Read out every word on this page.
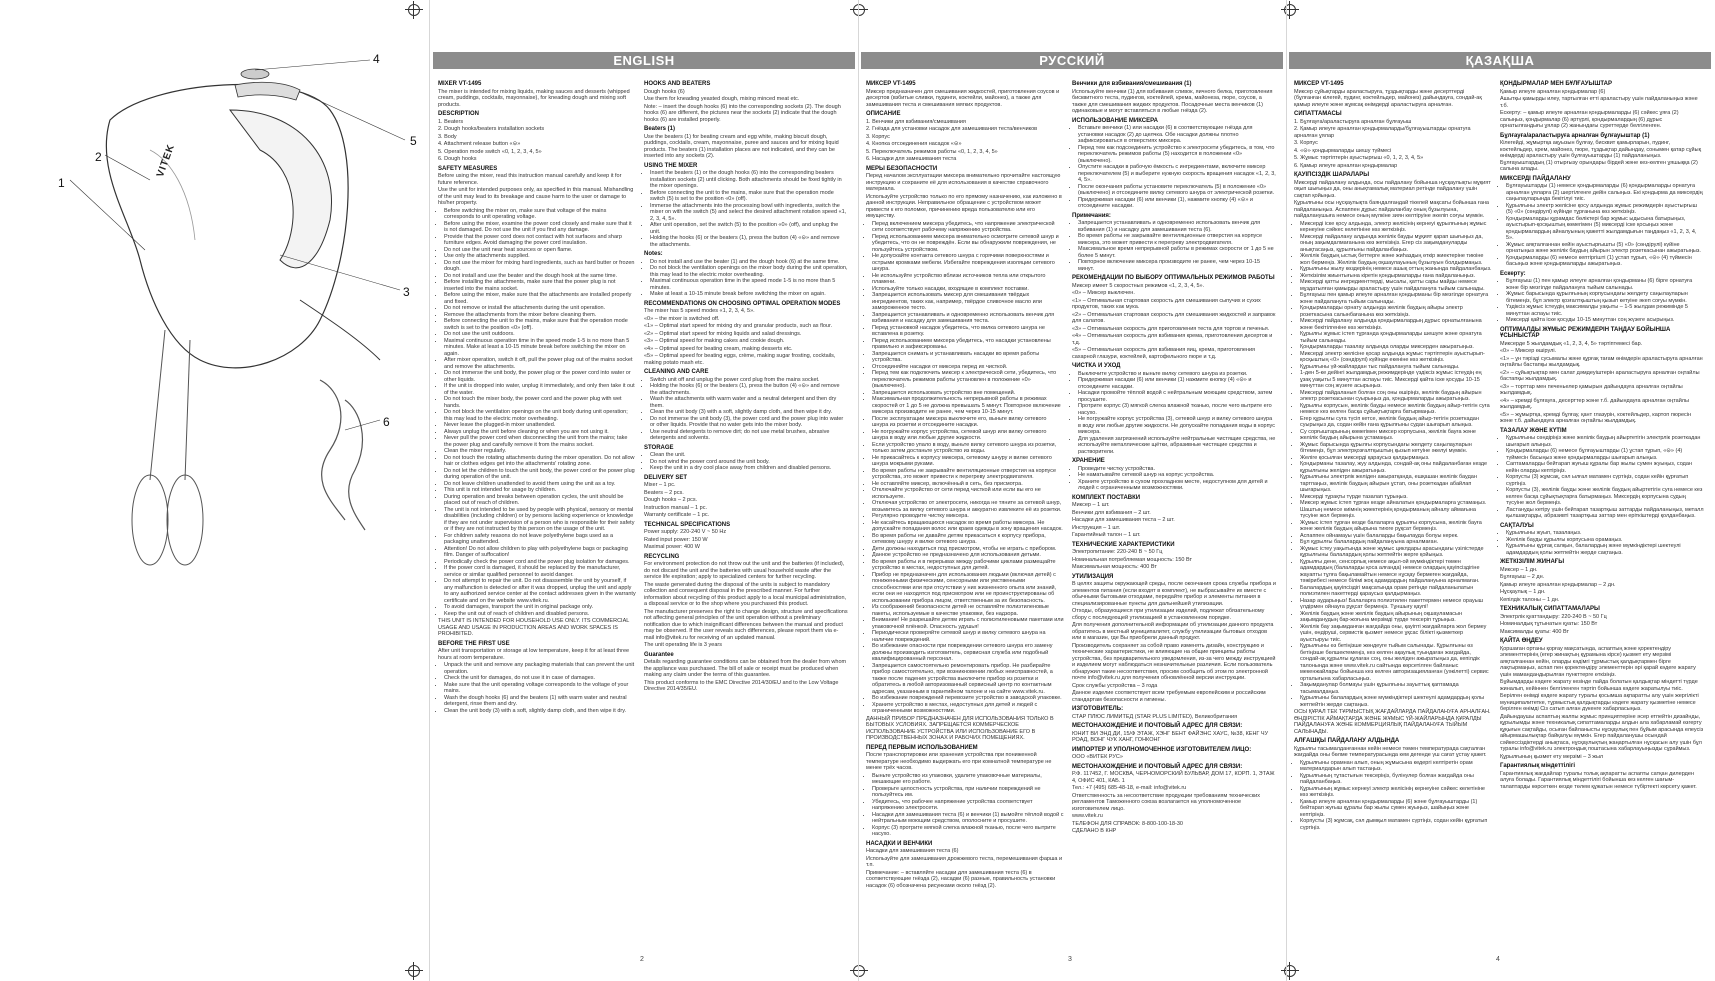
1
2
3
4
5
6
VITEK
ENGLISH
MIXER VT-1495

The mixer is intended for mixing liquids, making sauces and desserts (whipped cream, puddings, cocktails, mayonnaise), for kneading dough and mixing soft products.

DESCRIPTION

1. Beaters

2. Dough hooks/beaters installation sockets

3. Body

4. Attachment release button «⊝»

5. Operation mode switch «0, 1, 2, 3, 4, 5»

6. Dough hooks

SAFETY MEASURES

Before using the mixer, read this instruction manual carefully and keep it for future reference.

Use the unit for intended purposes only, as specified in this manual. Mishandling of the unit may lead to its breakage and cause harm to the user or damage to his/her property.

• Before switching the mixer on, make sure that voltage of the mains corresponds to unit operating voltage.
• Before using the mixer, examine the power cord closely and make sure that it is not damaged. Do not use the unit if you find any damage.
• Provide that the power cord does not contact with hot surfaces and sharp furniture edges. Avoid damaging the power cord insulation.
• Do not use the unit near heat sources or open flame.
• Use only the attachments supplied.
• Do not use the mixer for mixing hard ingredients, such as hard butter or frozen dough.
• Do not install and use the beater and the dough hook at the same time.
• Before installing the attachments, make sure that the power plug is not inserted into the mains socket.
• Before using the mixer, make sure that the attachments are installed properly and fixed.
• Do not remove or install the attachments during the unit operation.
• Remove the attachments from the mixer before cleaning them.
• Before connecting the unit to the mains, make sure that the operation mode switch is set to the position «0» (off).
• Do not use the unit outdoors.
• Maximal continuous operation time in the speed mode 1-5 is no more than 5 minutes. Make at least a 10-15 minute break before switching the mixer on again.
• After mixer operation, switch it off, pull the power plug out of the mains socket and remove the attachments.
• Do not immerse the unit body, the power plug or the power cord into water or other liquids.
• If the unit is dropped into water, unplug it immediately, and only then take it out of the water.
• Do not touch the mixer body, the power cord and the power plug with wet hands.
• Do not block the ventilation openings on the unit body during unit operation; this may lead to the electric motor overheating.
• Never leave the plugged-in mixer unattended.
• Always unplug the unit before cleaning or when you are not using it.
• Never pull the power cord when disconnecting the unit from the mains; take the power plug and carefully remove it from the mains socket.
• Clean the mixer regularly.
• Do not touch the rotating attachments during the mixer operation. Do not allow hair or clothes edges get into the attachments' rotating zone.
• Do not let the children to touch the unit body, the power cord or the power plug during operation of the unit.
• Do not leave children unattended to avoid them using the unit as a toy.
• This unit is not intended for usage by children.
• During operation and breaks between operation cycles, the unit should be placed out of reach of children.
• The unit is not intended to be used by people with physical, sensory or mental disabilities (including children) or by persons lacking experience or knowledge if they are not under supervision of a person who is responsible for their safety or if they are not instructed by this person on the usage of the unit.
• For children safety reasons do not leave polyethylene bags used as a packaging unattended.
• Attention! Do not allow children to play with polyethylene bags or packaging film. Danger of suffocation!
• Periodically check the power cord and the power plug isolation for damages.
• If the power cord is damaged, it should be replaced by the manufacturer, service or similar qualified personnel to avoid danger.
• Do not attempt to repair the unit. Do not disassemble the unit by yourself, if any malfunction is detected or after it was dropped, unplug the unit and apply to any authorized service center at the contact addresses given in the warranty certificate and on the website www.vitek.ru.
• To avoid damages, transport the unit in original package only.
• Keep the unit out of reach of children and disabled persons.

THIS UNIT IS INTENDED FOR HOUSEHOLD USE ONLY. ITS COMMERCIAL USAGE AND USAGE IN PRODUCTION AREAS AND WORK SPACES IS PROHIBITED.

BEFORE THE FIRST USE

After unit transportation or storage at low temperature, keep it for at least three hours at room temperature.

• Unpack the unit and remove any packaging materials that can prevent the unit operation.
• Check the unit for damages, do not use it in case of damages.
• Make sure that the unit operating voltage corresponds to the voltage of your mains.
• Wash the dough hooks (6) and the beaters (1) with warm water and neutral detergent, rinse them and dry.
• Clean the unit body (3) with a soft, slightly damp cloth, and then wipe it dry.
HOOKS AND BEATERS

Dough hooks (6)

Use them for kneading yeasted dough, mixing minced meat etc.

Note: – insert the dough hooks (6) into the corresponding sockets (2). The dough hooks (6) are different, the pictures near the sockets (2) indicate that the dough hooks (6) are installed properly.

Beaters (1)

Use the beaters (1) for beating cream and egg white, making biscuit dough, puddings, cocktails, cream, mayonnaise, puree and sauces and for mixing liquid products. The beaters (1) installation places are not indicated, and they can be inserted into any sockets (2).

USING THE MIXER
• Insert the beaters (1) or the dough hooks (6) into the corresponding beaters installation sockets (2) until clicking. Both attachments should be fixed tightly in the mixer openings.
• Before connecting the unit to the mains, make sure that the operation mode switch (5) is set to the position «0» (off).
• Immerse the attachments into the processing bowl with ingredients, switch the mixer on with the switch (5) and select the desired attachment rotation speed «1, 2, 3, 4, 5».
• After unit operation, set the switch (5) to the position «0» (off), and unplug the unit.
• Holding the hooks (6) or the beaters (1), press the button (4) «⊝» and remove the attachments.
Notes:
• Do not install and use the beater (1) and the dough hook (6) at the same time.
• Do not block the ventilation openings on the mixer body during the unit operation, this may lead to the electric motor overheating.
• Maximal continuous operation time in the speed mode 1-5 is no more than 5 minutes.
• Make at least a 10-15 minute break before switching the mixer on again.
RECOMMENDATIONS ON CHOOSING OPTIMAL OPERATION MODES

The mixer has 5 speed modes «1, 2, 3, 4, 5».

«0» – the mixer is switched off.

«1» – Optimal start speed for mixing dry and granular products, such as flour.

«2» – Optimal start speed for mixing liquids and salad dressings.

«3» – Optimal speed for making cakes and cookie dough.

«4» – Optimal speed for beating cream, making desserts etc.

«5» – Optimal speed for beating eggs, crème, making sugar frosting, cocktails, making potato mash etc.

CLEANING AND CARE
• Switch unit off and unplug the power cord plug from the mains socket.
• Holding the hooks (6) or the beaters (1), press the button (4) «⊝» and remove the attachments.
• Wash the attachments with warm water and a neutral detergent and then dry them.
• Clean the unit body (3) with a soft, slightly damp cloth, and then wipe it dry.
• Do not immerse the unit body (3), the power cord and the power plug into water or other liquids. Provide that no water gets into the mixer body.
• Use neutral detergents to remove dirt; do not use metal brushes, abrasive detergents and solvents.
STORAGE
• Clean the unit.
• Do not wind the power cord around the unit body.
• Keep the unit in a dry cool place away from children and disabled persons.
DELIVERY SET

Mixer – 1 pc.

Beaters – 2 pcs.

Dough hooks – 2 pcs.

Instruction manual – 1 pc.

Warranty certificate – 1 pc.

TECHNICAL SPECIFICATIONS

Power supply: 220-240 V ~ 50 Hz

Rated input power: 150 W

Maximal power: 400 W

RECYCLING

For environment protection do not throw out the unit and the batteries (if included), do not discard the unit and the batteries with usual household waste after the service life expiration; apply to specialized centers for further recycling.

The waste generated during the disposal of the units is subject to mandatory collection and consequent disposal in the prescribed manner. For further information about recycling of this product apply to a local municipal administration, a disposal service or to the shop where you purchased this product.

The manufacturer preserves the right to change design, structure and specifications not affecting general principles of the unit operation without a preliminary notification due to which insignificant differences between the manual and product may be observed. If the user reveals such differences, please report them via e-mail info@vitek.ru for receiving of an updated manual.

The unit operating life is 3 years

Guarantee

Details regarding guarantee conditions can be obtained from the dealer from whom the appliance was purchased. The bill of sale or receipt must be produced when making any claim under the terms of this guarantee.

This product conforms to the EMC Directive 2014/30/EU and to the Low Voltage Directive 2014/35/EU.

2
РУССКИЙ
МИКСЕР VT-1495

Миксер предназначен для смешивания жидкостей, приготовления соусов и десертов (взбитые сливки, пудинги, коктейли, майонез), а также для замешивания теста и смешивания мягких продуктов.

ОПИСАНИЕ

1. Венчики для взбивания/смешивания

2. Гнёзда для установки насадок для замешивания теста/венчиков

3. Корпус

4. Кнопка отсоединения насадок «⊝»

5. Переключатель режимов работы «0, 1, 2, 3, 4, 5»

6. Насадки для замешивания теста

МЕРЫ БЕЗОПАСНОСТИ

Перед началом эксплуатации миксера внимательно прочитайте настоящую инструкцию и сохраните её для использования в качестве справочного материала.

Используйте устройство только по его прямому назначению, как изложено в данной инструкции. Неправильное обращение с устройством может привести к его поломке, причинению вреда пользователю или его имуществу.

• Перед включением миксера убедитесь, что напряжение электрической сети соответствует рабочему напряжению устройства.
• Перед использованием миксера внимательно осмотрите сетевой шнур и убедитесь, что он не повреждён. Если вы обнаружили повреждения, не пользуйтесь устройством.
• Не допускайте контакта сетевого шнура с горячими поверхностями и острыми кромками мебели. Избегайте повреждения изоляции сетевого шнура.
• Не используйте устройство вблизи источников тепла или открытого пламени.
• Используйте только насадки, входящие в комплект поставки.
• Запрещается использовать миксер для смешивания твёрдых ингредиентов, таких как, например, твёрдое сливочное масло или замороженное тесто.
• Запрещается устанавливать и одновременно использовать венчик для взбивания и насадку для замешивания теста.
• Перед установкой насадок убедитесь, что вилка сетевого шнура не вставлена в розетку.
• Перед использованием миксера убедитесь, что насадки установлены правильно и зафиксированы.
• Запрещается снимать и устанавливать насадки во время работы устройства.
• Отсоединяйте насадки от миксера перед их чисткой.
• Перед тем как подключить миксер к электрической сети, убедитесь, что переключатель режимов работы установлен в положение «0» (выключено).
• Запрещается использовать устройство вне помещений.
• Максимальная продолжительность непрерывной работы в режимах скоростей от 1 до 5 не должна превышать 5 минут. Повторное включение миксера производите не ранее, чем через 10-15 минут.
• После эксплуатации миксера выключите его, выньте вилку сетевого шнура из розетки и отсоедините насадки.
• Не погружайте корпус устройства, сетевой шнур или вилку сетевого шнура в воду или любые другие жидкости.
• Если устройство упало в воду, выньте вилку сетевого шнура из розетки, только затем достаньте устройство из воды.
• Не прикасайтесь к корпусу миксера, сетевому шнуру и вилке сетевого шнура мокрыми руками.
• Во время работы не закрывайте вентиляционные отверстия на корпусе устройства, это может привести к перегреву электродвигателя.
• Не оставляйте миксер, включённый в сеть, без присмотра.
• Отключайте устройство от сети перед чисткой или если вы его не используете.
• Отключая устройство от электросети, никогда не тяните за сетевой шнур, возьмитесь за вилку сетевого шнура и аккуратно извлеките её из розетки.
• Регулярно проводите чистку миксера.
• Не касайтесь вращающихся насадок во время работы миксера. Не допускайте попадания волос или краев одежды в зону вращения насадок.
• Во время работы не давайте детям прикасаться к корпусу прибора, сетевому шнуру и вилке сетевого шнура.
• Дети должны находиться под присмотром, чтобы не играть с прибором.
• Данное устройство не предназначено для использования детьми.
• Во время работы и в перерывах между рабочими циклами размещайте устройство в местах, недоступных для детей.
• Прибор не предназначен для использования людьми (включая детей) с пониженными физическими, сенсорными или умственными способностями или при отсутствии у них жизненного опыта или знаний, если они не находятся под присмотром или не проинструктированы об использовании прибора лицом, ответственным за их безопасность.
• Из соображений безопасности детей не оставляйте полиэтиленовые пакеты, используемые в качестве упаковки, без надзора.
• Внимание! Не разрешайте детям играть с полиэтиленовыми пакетами или упаковочной плёнкой. Опасность удушья!
• Периодически проверяйте сетевой шнур и вилку сетевого шнура на наличие повреждений.
• Во избежание опасности при повреждении сетевого шнура его замену должны производить изготовитель, сервисная служба или подобный квалифицированный персонал.
• Запрещается самостоятельно ремонтировать прибор. Не разбирайте прибор самостоятельно, при возникновении любых неисправностей, а также после падения устройства выключите прибор из розетки и обратитесь в любой авторизованный сервисный центр по контактным адресам, указанным в гарантийном талоне и на сайте www.vitek.ru.
• Во избежание повреждений перевозите устройство в заводской упаковке.
• Храните устройство в местах, недоступных для детей и людей с ограниченными возможностями.

ДАННЫЙ ПРИБОР ПРЕДНАЗНАЧЕН ДЛЯ ИСПОЛЬЗОВАНИЯ ТОЛЬКО В БЫТОВЫХ УСЛОВИЯХ. ЗАПРЕЩАЕТСЯ КОММЕРЧЕСКОЕ ИСПОЛЬЗОВАНИЕ УСТРОЙСТВА ИЛИ ИСПОЛЬЗОВАНИЕ ЕГО В ПРОИЗВОДСТВЕННЫХ ЗОНАХ И РАБОЧИХ ПОМЕЩЕНИЯХ.

ПЕРЕД ПЕРВЫМ ИСПОЛЬЗОВАНИЕМ

После транспортировки или хранения устройства при пониженной температуре необходимо выдержать его при комнатной температуре не менее трёх часов.

• Выньте устройство из упаковки, удалите упаковочные материалы, мешающие его работе.
• Проверьте целостность устройства, при наличии повреждений не пользуйтесь им.
• Убедитесь, что рабочее напряжение устройства соответствует напряжению электросети.
• Насадки для замешивания теста (6) и венчики (1) вымойте тёплой водой с нейтральным моющим средством, ополосните и просушите.
• Корпус (3) протрите мягкой слегка влажной тканью, после чего вытрите насухо.
НАСАДКИ И ВЕНЧИКИ

Насадки для замешивания теста (6)

Используйте для замешивания дрожжевого теста, перемешивания фарша и т.п.

Примечание: – вставляйте насадки для замешивания теста (6) в соответствующие гнёзда (2), насадки (6) разные, правильность установки насадок (6) обозначена рисунками около гнёзд (2).

Венчики для взбивания/смешивания (1)

Используйте венчики (1) для взбивания сливок, яичного белка, приготовления бисквитного теста, пудингов, коктейлей, крема, майонеза, пюре, соусов, а также для смешивания жидких продуктов. Посадочные места венчиков (1) одинаковые и могут вставляться в любые гнёзда (2).

ИСПОЛЬЗОВАНИЕ МИКСЕРА
• Вставьте венчики (1) или насадки (6) в соответствующие гнёзда для установки насадок (2) до щелчка. Обе насадки должны плотно зафиксироваться в отверстиях миксера.
• Перед тем как подсоединить устройство к электросети убедитесь, в том, что переключатель режимов работы (5) находится в положении «0» (выключено).
• Опустите насадки в рабочую ёмкость с ингредиентами, включите миксер переключателем (5) и выберите нужную скорость вращения насадок «1, 2, 3, 4, 5».
• После окончания работы установите переключатель (5) в положение «0» (выключено) и отсоедините вилку сетевого шнура от электрической розетки.
• Придерживая насадки (6) или венчики (1), нажмите кнопку (4) «⊝» и отсоедините насадки.
Примечания:
• Запрещается устанавливать и одновременно использовать венчик для взбивания (1) и насадку для замешивания теста (6).
• Во время работы не закрывайте вентиляционные отверстия на корпусе миксера, это может привести к перегреву электродвигателя.
• Максимальное время непрерывной работы в режимах скорости от 1 до 5 не более 5 минут.
• Повторное включение миксера производите не ранее, чем через 10-15 минут.
РЕКОМЕНДАЦИИ ПО ВЫБОРУ ОПТИМАЛЬНЫХ РЕЖИМОВ РАБОТЫ

Миксер имеет 5 скоростных режимов «1, 2, 3, 4, 5».

«0» – Миксер выключен.

«1» – Оптимальная стартовая скорость для смешивания сыпучих и сухих продуктов, таких как мука.

«2» – Оптимальная стартовая скорость для смешивания жидкостей и заправок для салатов.

«3» – Оптимальная скорость для приготовления теста для тортов и печенья.

«4» – Оптимальная скорость для взбивания крема, приготовления десертов и т.д.

«5» – Оптимальная скорость для взбивания яиц, крема, приготовления сахарной глазури, коктейлей, картофельного пюре и т.д.

ЧИСТКА И УХОД
• Выключите устройство и выньте вилку сетевого шнура из розетки.
• Придерживая насадки (6) или венчики (1) нажмите кнопку (4) «⊝» и отсоедините насадки.
• Насадки промойте тёплой водой с нейтральным моющим средством, затем просушите.
• Протрите корпус (3) мягкой слегка влажной тканью, после чего вытрите его насухо.
• Не погружайте корпус устройства (3), сетевой шнур и вилку сетевого шнура в воду или любые другие жидкости. Не допускайте попадания воды в корпус миксера.
• Для удаления загрязнений используйте нейтральные чистящие средства, не используйте металлические щётки, абразивные чистящие средства и растворители.
ХРАНЕНИЕ
• Проведите чистку устройства.
• Не наматывайте сетевой шнур на корпус устройства.
• Храните устройство в сухом прохладном месте, недоступном для детей и людей с ограниченными возможностями.
КОМПЛЕКТ ПОСТАВКИ

Миксер – 1 шт.

Венчики для взбивания – 2 шт.

Насадки для замешивания теста – 2 шт.

Инструкция – 1 шт.

Гарантийный талон – 1 шт.

ТЕХНИЧЕСКИЕ ХАРАКТЕРИСТИКИ

Электропитание: 220-240 В ~ 50 Гц

Номинальная потребляемая мощность: 150 Вт

Максимальная мощность: 400 Вт

УТИЛИЗАЦИЯ

В целях защиты окружающей среды, после окончания срока службы прибора и элементов питания (если входят в комплект), не выбрасывайте их вместе с обычными бытовыми отходами, передайте прибор и элементы питания в специализированные пункты для дальнейшей утилизации.

Отходы, образующиеся при утилизации изделий, подлежат обязательному сбору с последующей утилизацией в установленном порядке.

Для получения дополнительной информации об утилизации данного продукта обратитесь в местный муниципалитет, службу утилизации бытовых отходов или в магазин, где Вы приобрели данный продукт.

Производитель сохраняет за собой право изменять дизайн, конструкцию и технические характеристики, не влияющие на общие принципы работы устройства, без предварительного уведомления, из-за чего между инструкцией и изделием могут наблюдаться незначительные различия. Если пользователь обнаружил такие несоответствия, просим сообщить об этом по электронной почте info@vitek.ru для получения обновлённой версии инструкции.

Срок службы устройства – 3 года

Данное изделие соответствует всем требуемым европейским и российским стандартам безопасности и гигиены.

ИЗГОТОВИТЕЛЬ:

СТАР ПЛЮС ЛИМИТЕД (STAR PLUS LIMITED), Великобритания

МЕСТОНАХОЖДЕНИЕ И ПОЧТОВЫЙ АДРЕС ДЛЯ СВЯЗИ:

ЮНИТ ВИ ЭНД ДИ, 15/Ф ЭТАЖ, ХЭНГ БЕНТ ФАЙЭНС ХАУС, №38, КЕНГ ЧУ РОАД, ВОНГ ЧУК ХАНГ, ГОНКОНГ

ИМПОРТЕР И УПОЛНОМОЧЕННОЕ ИЗГОТОВИТЕЛЕМ ЛИЦО:

ООО «ВИТЕК РУС»

МЕСТОНАХОЖДЕНИЕ И ПОЧТОВЫЙ АДРЕС ДЛЯ СВЯЗИ:

Р.Ф. 117452, Г. МОСКВА, ЧЕРНОМОРСКИЙ БУЛЬВАР, ДОМ 17, КОРП. 1, ЭТАЖ 4, ОФИС 401, КАБ. 1

Тел.: +7 (495) 685-48-18, e-mail: info@vitek.ru

Ответственность за несоответствие продукции требованиям технических регламентов Таможенного союза возлагается на уполномоченное изготовителем лицо.

www.vitek.ru

ТЕЛЕФОН ДЛЯ СПРАВОК: 8-800-100-18-30

СДЕЛАНО В КНР

3
ҚАЗАҚША
МИКСЕР VT-1495

Миксер сұйықтарды араластыруға, тұздықтарды және десерттерді (бұлғанған кілегей, пудинг, коктейльдер, майонез) дайындауға, сондай-ақ қамыр илеуге және жұмсақ өнімдерді араластыруға арналған.

СИПАТТАМАСЫ

1. Бұлғауға/араластыруға арналған бұлғауыш

2. Қамыр илеуге арналған қондырмаларды/бұлғауыштарды орнатуға арналған ұялар

3. Корпус

4. «⊝» қондырмаларды шешу түймесі

5. Жұмыс тәртіптерін ауыстырғыш «0, 1, 2, 3, 4, 5»

6. Қамыр илеуге арналған қондырмалар

ҚАУІПСІЗДІК ШАРАЛАРЫ

Миксерді пайдалану алдында, осы пайдалану бойынша нұсқаулықты мұқият оқып шығыңыз да, оны анықтамалық материал ретінде пайдалану үшін сақтап қойыңыз.

Құрылғыны осы нұсқаулықта баяндалғандай тікелей мақсаты бойынша ғана пайдаланыңыз. Аспаппен дұрыс пайдаланбау оның бұзылуына, пайдаланушыға немесе оның мүлкіне зиян келтіруіне әкеліп соғуы мүмкін.

• Миксерді іске қосу алдында, электр желісінің кернеуі құрылғының жұмыс кернеуіне сәйкес келетініне көз жеткізіңіз.
• Миксерді пайдалану алдында желілік бауды мұқият қарап шығыңыз да, оның зақымдалмағанына көз жеткізіңіз. Егер сіз зақымдануларды анықтасаңыз, құрылғыны пайдаланбаңыз.
• Желілік баудың ыстық беттерге және жиһаздың өткір жиектеріне тиюіне жол бермеңіз. Желілік баудың оқшаулауының бұзылуын болдырмаңыз.
• Құрылғыны жылу көздерінің немесе ашық оттың жанында пайдаланбаңыз.
• Жеткізілім жиынтығына кіретін қондырмаларды ғана пайдаланыңыз.
• Миксерді қатты ингредиенттерді, мысалы, қатты сары майды немесе мұздатылған қамырды араластыру үшін пайдалануға тыйым салынады.
• Бұлғауыш пен қамыр илеуге арналған қондырманы бір мезгілде орнатуға және пайдалануға тыйым салынады.
• Қондырмаларды орнату алдында желілік баудың айыры электр розеткасына салынбағанына көз жеткізіңіз.
• Миксерді пайдалану алдында қондырмалардың дұрыс орнатылғанына және бекітілгеніне көз жеткізіңіз.
• Құрылғы жұмыс істеп тұрғанда қондырмаларды шешуге және орнатуға тыйым салынады.
• Қондырмаларды тазалау алдында оларды миксерден ажыратыңыз.
• Миксерді электр желісіне қосар алдында жұмыс тәртіптерін ауыстырып-қосқыштың «0» (сөндірулі) күйінде екеніне көз жеткізіңіз.
• Құрылғыны үй-жайлардан тыс пайдалануға тыйым салынады.
• 1-ден 5-ке дейінгі жылдамдық режимдерінде үздіксіз жұмыс істеудің ең ұзақ уақыты 5 минуттан аспауы тиіс. Миксерді қайта іске қосуды 10-15 минуттан соң жүзеге асырыңыз.
• Миксерді пайдаланып болған соң оны өшіріңіз, желілік баудың айырын электр розеткасынан суырыңыз да, қондырмаларды ажыратыңыз.
• Құрылғы корпусын, желілік бауды немесе желілік баудың айыр-тетігін суға немесе кез келген басқа сұйықтықтарға батырмаңыз.
• Егер құрылғы суға түсіп кетсе, желілік баудың айыр-тетігін розеткадан суырыңыз да, содан кейін ғана құрылғыны судан шығарып алыңыз.
• Су сорғыштарының көмегімен миксер корпусына, желілік бауға және желілік баудың айырына ұстамаңыз.
• Жұмыс барысында құрылғы корпусындағы желдету саңылауларын бітемеңіз, бұл электрқозғалтқыштың қызып кетуіне әкелуі мүмкін.
• Желіге қосылған миксерді қараусыз қалдырмаңыз.
• Қондырманы тазалау, жуу алдында, сондай-ақ оны пайдаланбаған кезде құрылғыны желіден ажыратыңыз.
• Құрылғыны электрлік желіден ажыратқанда, ешқашан желілік баудан тартпаңыз, желілік баудың айырын ұстап, оны розеткадан абайлап шығарыңыз.
• Миксерді тұрақты түрде тазалап тұрыңыз.
• Миксер жұмыс істеп тұрған кезде айналатын қондырмаларға ұстамаңыз. Шаштың немесе киімнің жиектерінің қондырманың айналу аймағына түсуіне жол бермеңіз.
• Жұмыс істеп тұрған кезде балаларға құрылғы корпусына, желілік бауға және желілік баудың айырына тиюге рұқсат бермеңіз.
• Аспаппен ойнамауы үшін балаларды бақылауда болуы керек.
• Бұл құрылғы балалардың пайдалануына арналмаған.
• Жұмыс істеу уақытында және жұмыс циклдары арасындағы үзілістерде құрылғыны балалардың қолы жетпейтін жерге қойыңыз.
• Құрылғы дене, сенсорлық немесе ақыл-ой мүмкіндіктері төмен адамдардың (балаларды қоса алғанда) немесе олардың қауіпсіздігіне жауапты тұлға бақыламайтын немесе нұсқау бермеген жағдайда, тәжірибесі немесе білімі жоқ адамдардың пайдалануына арналмаған.
• Балалардың қауіпсіздігі мақсатында орам ретінде пайдаланылатын полиэтилен пакеттерді қараусыз қалдырмаңыз.
• Назар аударыңыз! Балаларға полиэтилен пакеттермен немесе орауыш үлдірмен ойнауға рұқсат бермеңіз. Тұншығу қаупі!
• Желілік баудың және желілік баудың айырының оқшауламасын зақымданудың бар-жоғына мерзімді түрде тексеріп тұрыңыз.
• Желілік бау зақымданған жағдайда оны, қауіпті жағдайларға жол бермеу үшін, өндіруші, сервистік қызмет немесе ұқсас білікті қызметкер ауыстыруы тиіс.
• Құрылғыны өз бетіңізше жөндеуге тыйым салынады. Құрылғыны өз бетіңізше бөлшектемеңіз, кез келген ақаулық туындаған жағдайда, сондай-ақ құрылғы құлаған соң, оны желіден ажыратыңыз да, кепілдік талонында және www.vitek.ru сайтында көрсетілген байланыс мекенжайлары бойынша кез келген авторизацияланған (уәкілетті) сервис орталығына хабарласыңыз.
• Зақымданулар болмауы үшін құрылғыны зауыттық қаптамада тасымалдаңыз.
• Құрылғыны балалардың және мүмкіндіктері шектеулі адамдардың қолы жетпейтін жерде сақтаңыз.

ОСЫ ҚҰРАЛ ТЕК ТҰРМЫСТЫҚ ЖАҒДАЙЛАРДА ПАЙДАЛАНУҒА АРНАЛҒАН. ӨНДІРІСТІК АЙМАҚТАРДА ЖӘНЕ ЖҰМЫС ҮЙ-ЖАЙЛАРЫНДА ҚҰРАЛДЫ ПАЙДАЛАНУҒА ЖӘНЕ КОММЕРЦИЯЛЫҚ ПАЙДАЛАНУҒА ТЫЙЫМ САЛЫНАДЫ.

АЛҒАШҚЫ ПАЙДАЛАНУ АЛДЫНДА

Құрылғы тасымалданғаннан кейін немесе төмен температурада сақталған жағдайда оны бөлме температурасында кем дегенде үш сағат ұстау қажет.

• Құрылғыны орамнан алып, оның жұмысына кедергі келтіретін орам материалдарын алып тастаңыз.
• Құрылғының тұтастығын тексеріңіз, бүлінулер болған жағдайда оны пайдаланбаңыз.
• Құрылғының жұмыс кернеуі электр желісінің кернеуіне сәйкес келетініне көз жеткізіңіз.
• Қамыр илеуге арналған қондырмаларды (6) және бұлғауыштарды (1) бейтарап жуғыш құралы бар жылы сумен жуыңыз, шайыңыз және кептіріңіз.
• Корпусты (3) жұмсақ, сәл дымқыл матамен сүртіңіз, содан кейін құрғатып сүртіңіз.
ҚОНДЫРМАЛАР МЕН БҰЛҒАУЫШТАР

Қамыр илеуге арналған қондырмалар (6)

Ашытқы қамырды илеу, тартылған етті араластыру үшін пайдаланыңыз және т.б.

Ескерту: – қамыр илеуге арналған қондырмаларды (6) сәйкес ұяға (2) салыңыз, қондырмалар (6) әртүрлі, қондырмалардың (6) дұрыс орнатылғандығы ұялар (2) жанындағы суреттерде белгіленген.

Бұлғауға/араластыруға арналған бұлғауыштар (1)

Кілегейді, жұмыртқа ақуызын бұлғау, бисквит қамырларын, пудинг, коктейльдер, крем, майонез, пюре, тұздықтар дайындау, сонымен қатар сұйық өнімдерді араластыру үшін бұлғауыштарды (1) пайдаланыңыз. Бұлғауыштардың (1) отырғызу орындары бірдей және кез-келген ұяшыққа (2) салына алады.

МИКСЕРДІ ПАЙДАЛАНУ
• Бұлғауыштарды (1) немесе қондырмаларды (6) қондырмаларды орнатуға арналған ұяларға (2) шертілгенге дейін салыңыз. Екі қондырма да миксердің саңылауларында бекітілуі тиіс.
• Құрылғыны электр желісіне қосу алдында жұмыс режимдерін ауыстырғыш (5) «0» (сөндірулі) күйінде тұрғанына көз жеткізіңіз.
• Қондырмаларды құрамдас бөліктері бар жұмыс ыдысына батырыңыз, ауыстырып-қосқыштың көмегімен (5) миксерді іске қосыңыз және қондырмалардың айналуының қажетті жылдамдығын таңдаңыз «1, 2, 3, 4, 5».
• Жұмыс аяқталғаннан кейін ауыстырғышты (5) «0» (сөндірулі) күйіне орнатыңыз және желілік баудың айырын электр розеткасынан ажыратыңыз.
• Қондырмаларды (6) немесе кептіргішті (1) ұстап тұрып, «⊝» (4) түймесін басыңыз және қондырмаларды ажыратыңыз.
Ескерту:
• Бұлғауыш (1) пен қамыр илеуге арналған қондырманы (6) бірге орнатуға және бір мезгілде пайдалануға тыйым салынады.
• Жұмыс барысында құрылғының корпусындағы желдету саңылауларын бітемеңіз, бұл электр қозғалтқыштың қызып кетуіне әкеп соғуы мүмкін.
• Үздіксіз жұмыс істеудің максималды уақыты – 1-5 жылдам режимінде 5 минуттан аспауы тиіс.
• Миксерді қайта іске қосуды 10-15 минуттан соң жүзеге асырыңыз.
ОПТИМАЛДЫ ЖҰМЫС РЕЖИМДЕРІН ТАҢДАУ БОЙЫНША ҰСЫНЫСТАР

Миксерде 5 жылдамдық «1, 2, 3, 4, 5» тәртіптемесі бар.

«0» – Миксер өшірулі.

«1» – ұн тәрізді сусымалы және құрғақ тағам өнімдерін араластыруға арналған оңтайлы бастапқы жылдамдық.

«2» – сұйықтықтар мен салат дәмдеуіштерін араластыруға арналған оңтайлы бастапқы жылдамдық.

«3» – торттар мен печеньелер қамырын дайындауға арналған оңтайлы жылдамдық.

«4» – кремді бұлғауға, десерттер және т.б. дайындауға арналған оңтайлы жылдамдық.

«5» – жұмыртқа, кремді бұлғау, қант глазурін, коктейльдер, картоп пюресін және т.б. дайындауға арналған оңтайлы жылдамдық.

ТАЗАЛАУ ЖӘНЕ КҮТІМ
• Құрылғыны сөндіріңіз және желілік баудың айыртетігін электрлік розеткадан шығарып алыңыз.
• Қондырмаларды (6) немесе бұлғауыштарды (1) ұстап тұрып, «⊝» (4) түймесін басыңыз және қондырмаларды шығарып алыңыз.
• Саптамаларды бейтарап жуғыш құралы бар жылы сумен жуыңыз, содан кейін оларды кептіріңіз.
• Корпусты (3) жұмсақ, сәл ылғал матамен сүртіңіз, содан кейін құрғатып сүртіңіз.
• Корпусты (3), желілік бауды және желілік баудың айыртетігін суға немесе кез келген басқа сұйықтықтарға батырмаңыз. Миксердің корпусына судың түсуіне жол бермеңіз.
• Ластануды кетіру үшін бейтарап тазартқыш заттарды пайдаланыңыз, металл қылшақтарды, абразивті тазартқыш заттар мен еріткіштерді қолданбаңыз.
САҚТАЛУЫ
• Құрылғыны жуып, тазалаңыз.
• Желілік бауды құрылғы корпусына орамаңыз.
• Құрылғыны құрғақ салқын, балалардың және мүмкіндіктері шектеулі адамдардың қолы жетпейтін жерде сақтаңыз.
ЖЕТКІЗІЛІМ ЖИНАҒЫ

Миксер – 1 дн.

Бұлғауыш – 2 дн.

Қамыр илеуге арналған қондырмалар – 2 дн.

Нұсқаулық – 1 дн.

Кепілдік талоны – 1 дн.

ТЕХНИКАЛЫҚ СИПАТТАМАЛАРЫ

Электрлік қуаттандыру: 220-240 В ~ 50 Гц

Номиналдық тұтынатын қуаты: 150 Вт

Максималды қуаты: 400 Вт

ҚАЙТА ӨҢДЕУ

Қоршаған ортаны қорғау мақсатында, аспаптың және қоректендіру элементтерінің (егер жинақтың құрамына кірсе) қызмет ету мерзімі аяқталғаннан кейін, оларды кәдімгі тұрмыстық қалдықтармен бірге лақтырмаңыз, аспап пен қоректендіру элементтерін әрі қарай кәдеге жарату үшін мамандандырылған пункттерге өткізіңіз.

Бұйымдарды кәдеге жарату кезінде пайда болатын қалдықтар міндетті түрде жиналып, кейіннен белгіленген тәртіп бойынша кәдеге жаратылуы тиіс.

Берілген өнімді кәдеге жарату туралы қосымша ақпаратты алу үшін жергілікті муниципалитетке, тұрмыстық қалдықтарды кәдеге жарату қызметіне немесе берілген өнімді Сіз сатып алған дүкенге хабарласыңыз.

Дайындаушы аспаптың жалпы жұмыс принциптеріне әсер етпейтін дизайнды, құрылымды және техникалық сипаттамаларды алдын ала хабарламай өзгерту құқығын сақтайды, осыған байланысты нұсқаулық пен бұйым арасында елеусіз айырмашылықтар байқалуы мүмкін. Егер пайдаланушы осындай сәйкессіздіктерді анықтаса, нұсқаулықтың жаңартылған нұсқасын алу үшін бұл туралы info@vitek.ru электрондық поштасына хабарлауыңызды сұраймыз.

Құрылғының қызмет ету мерзімі – 3 жыл

Гарантиялық міндеттілігі

Гарантиялық жағдайлар туралы толық ақпаратты аспапты сатқан дилерден алуға болады. Гарантиялық міндеттілігі бойынша кез келген шағым-талаптарды көрсеткен кезде төлем құжатын немесе түбіртекті көрсету қажет.

4
